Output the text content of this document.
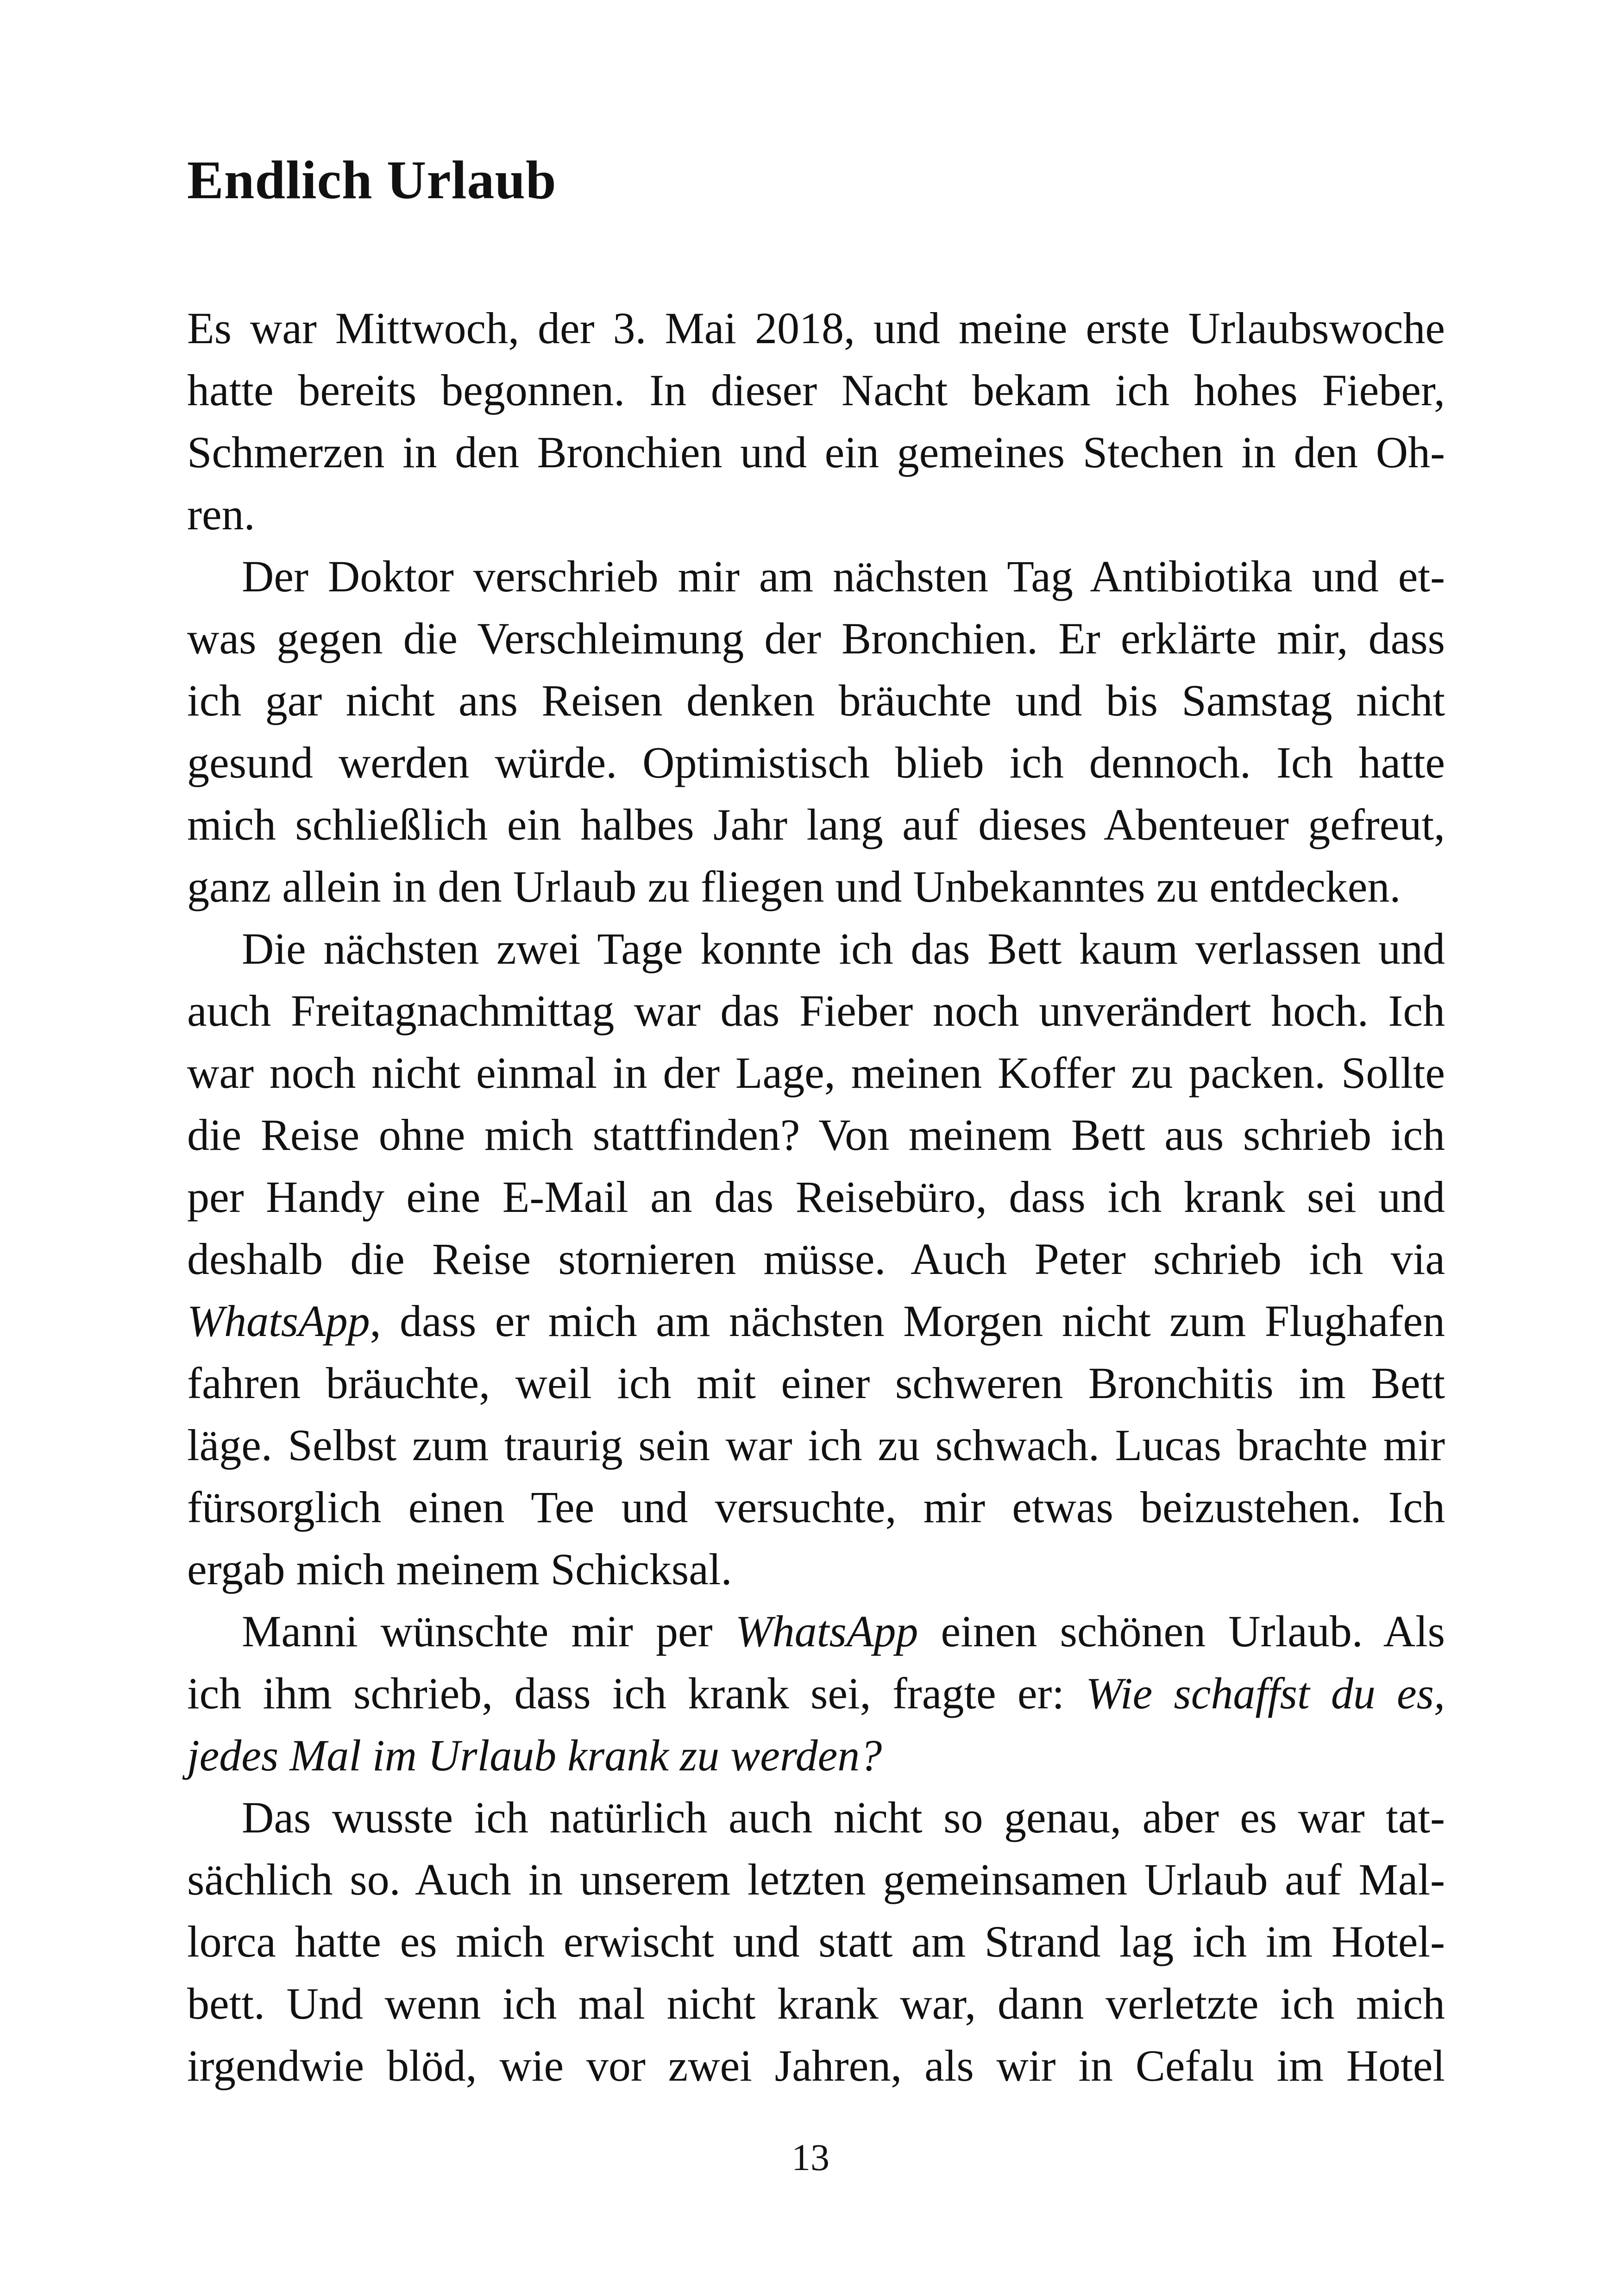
Endlich Urlaub
Es war Mittwoch, der 3. Mai 2018, und meine erste Urlaubswoche
hatte bereits begonnen. In dieser Nacht bekam ich hohes Fieber,
Schmerzen in den Bronchien und ein gemeines Stechen in den Oh-
ren.
Der Doktor verschrieb mir am nächsten Tag Antibiotika und et-
was gegen die Verschleimung der Bronchien. Er erklärte mir, dass
ich gar nicht ans Reisen denken bräuchte und bis Samstag nicht
gesund werden würde. Optimistisch blieb ich dennoch. Ich hatte
mich schließlich ein halbes Jahr lang auf dieses Abenteuer gefreut,
ganz allein in den Urlaub zu fliegen und Unbekanntes zu entdecken.
Die nächsten zwei Tage konnte ich das Bett kaum verlassen und
auch Freitagnachmittag war das Fieber noch unverändert hoch. Ich
war noch nicht einmal in der Lage, meinen Koffer zu packen. Sollte
die Reise ohne mich stattfinden? Von meinem Bett aus schrieb ich
per Handy eine E-Mail an das Reisebüro, dass ich krank sei und
deshalb die Reise stornieren müsse. Auch Peter schrieb ich via
WhatsApp, dass er mich am nächsten Morgen nicht zum Flughafen
fahren bräuchte, weil ich mit einer schweren Bronchitis im Bett
läge. Selbst zum traurig sein war ich zu schwach. Lucas brachte mir
fürsorglich einen Tee und versuchte, mir etwas beizustehen. Ich
ergab mich meinem Schicksal.
Manni wünschte mir per WhatsApp einen schönen Urlaub. Als
ich ihm schrieb, dass ich krank sei, fragte er: Wie schaffst du es,
jedes Mal im Urlaub krank zu werden?
Das wusste ich natürlich auch nicht so genau, aber es war tat-
sächlich so. Auch in unserem letzten gemeinsamen Urlaub auf Mal-
lorca hatte es mich erwischt und statt am Strand lag ich im Hotel-
bett. Und wenn ich mal nicht krank war, dann verletzte ich mich
irgendwie blöd, wie vor zwei Jahren, als wir in Cefalu im Hotel
13
